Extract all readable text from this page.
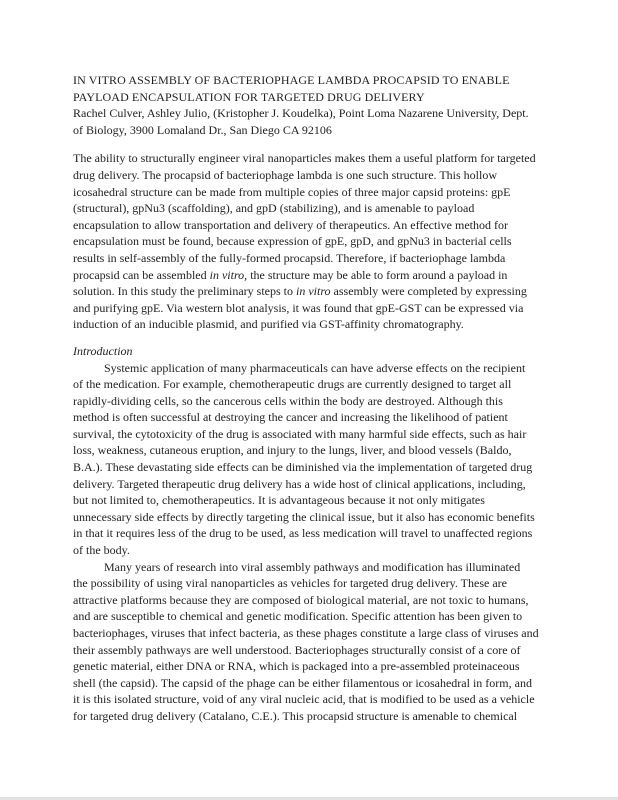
IN VITRO ASSEMBLY OF BACTERIOPHAGE LAMBDA PROCAPSID TO ENABLE
PAYLOAD ENCAPSULATION FOR TARGETED DRUG DELIVERY
Rachel Culver, Ashley Julio, (Kristopher J. Koudelka), Point Loma Nazarene University, Dept.
of Biology, 3900 Lomaland Dr., San Diego CA 92106
The ability to structurally engineer viral nanoparticles makes them a useful platform for targeted
drug delivery. The procapsid of bacteriophage lambda is one such structure. This hollow
icosahedral structure can be made from multiple copies of three major capsid proteins: gpE
(structural), gpNu3 (scaffolding), and gpD (stabilizing), and is amenable to payload
encapsulation to allow transportation and delivery of therapeutics. An effective method for
encapsulation must be found, because expression of gpE, gpD, and gpNu3 in bacterial cells
results in self-assembly of the fully-formed procapsid. Therefore, if bacteriophage lambda
procapsid can be assembled in vitro, the structure may be able to form around a payload in
solution. In this study the preliminary steps to in vitro assembly were completed by expressing
and purifying gpE. Via western blot analysis, it was found that gpE-GST can be expressed via
induction of an inducible plasmid, and purified via GST-affinity chromatography.
Introduction
Systemic application of many pharmaceuticals can have adverse effects on the recipient
of the medication. For example, chemotherapeutic drugs are currently designed to target all
rapidly-dividing cells, so the cancerous cells within the body are destroyed. Although this
method is often successful at destroying the cancer and increasing the likelihood of patient
survival, the cytotoxicity of the drug is associated with many harmful side effects, such as hair
loss, weakness, cutaneous eruption, and injury to the lungs, liver, and blood vessels (Baldo,
B.A.). These devastating side effects can be diminished via the implementation of targeted drug
delivery. Targeted therapeutic drug delivery has a wide host of clinical applications, including,
but not limited to, chemotherapeutics. It is advantageous because it not only mitigates
unnecessary side effects by directly targeting the clinical issue, but it also has economic benefits
in that it requires less of the drug to be used, as less medication will travel to unaffected regions
of the body.
Many years of research into viral assembly pathways and modification has illuminated
the possibility of using viral nanoparticles as vehicles for targeted drug delivery. These are
attractive platforms because they are composed of biological material, are not toxic to humans,
and are susceptible to chemical and genetic modification. Specific attention has been given to
bacteriophages, viruses that infect bacteria, as these phages constitute a large class of viruses and
their assembly pathways are well understood. Bacteriophages structurally consist of a core of
genetic material, either DNA or RNA, which is packaged into a pre-assembled proteinaceous
shell (the capsid). The capsid of the phage can be either filamentous or icosahedral in form, and
it is this isolated structure, void of any viral nucleic acid, that is modified to be used as a vehicle
for targeted drug delivery (Catalano, C.E.). This procapsid structure is amenable to chemical
